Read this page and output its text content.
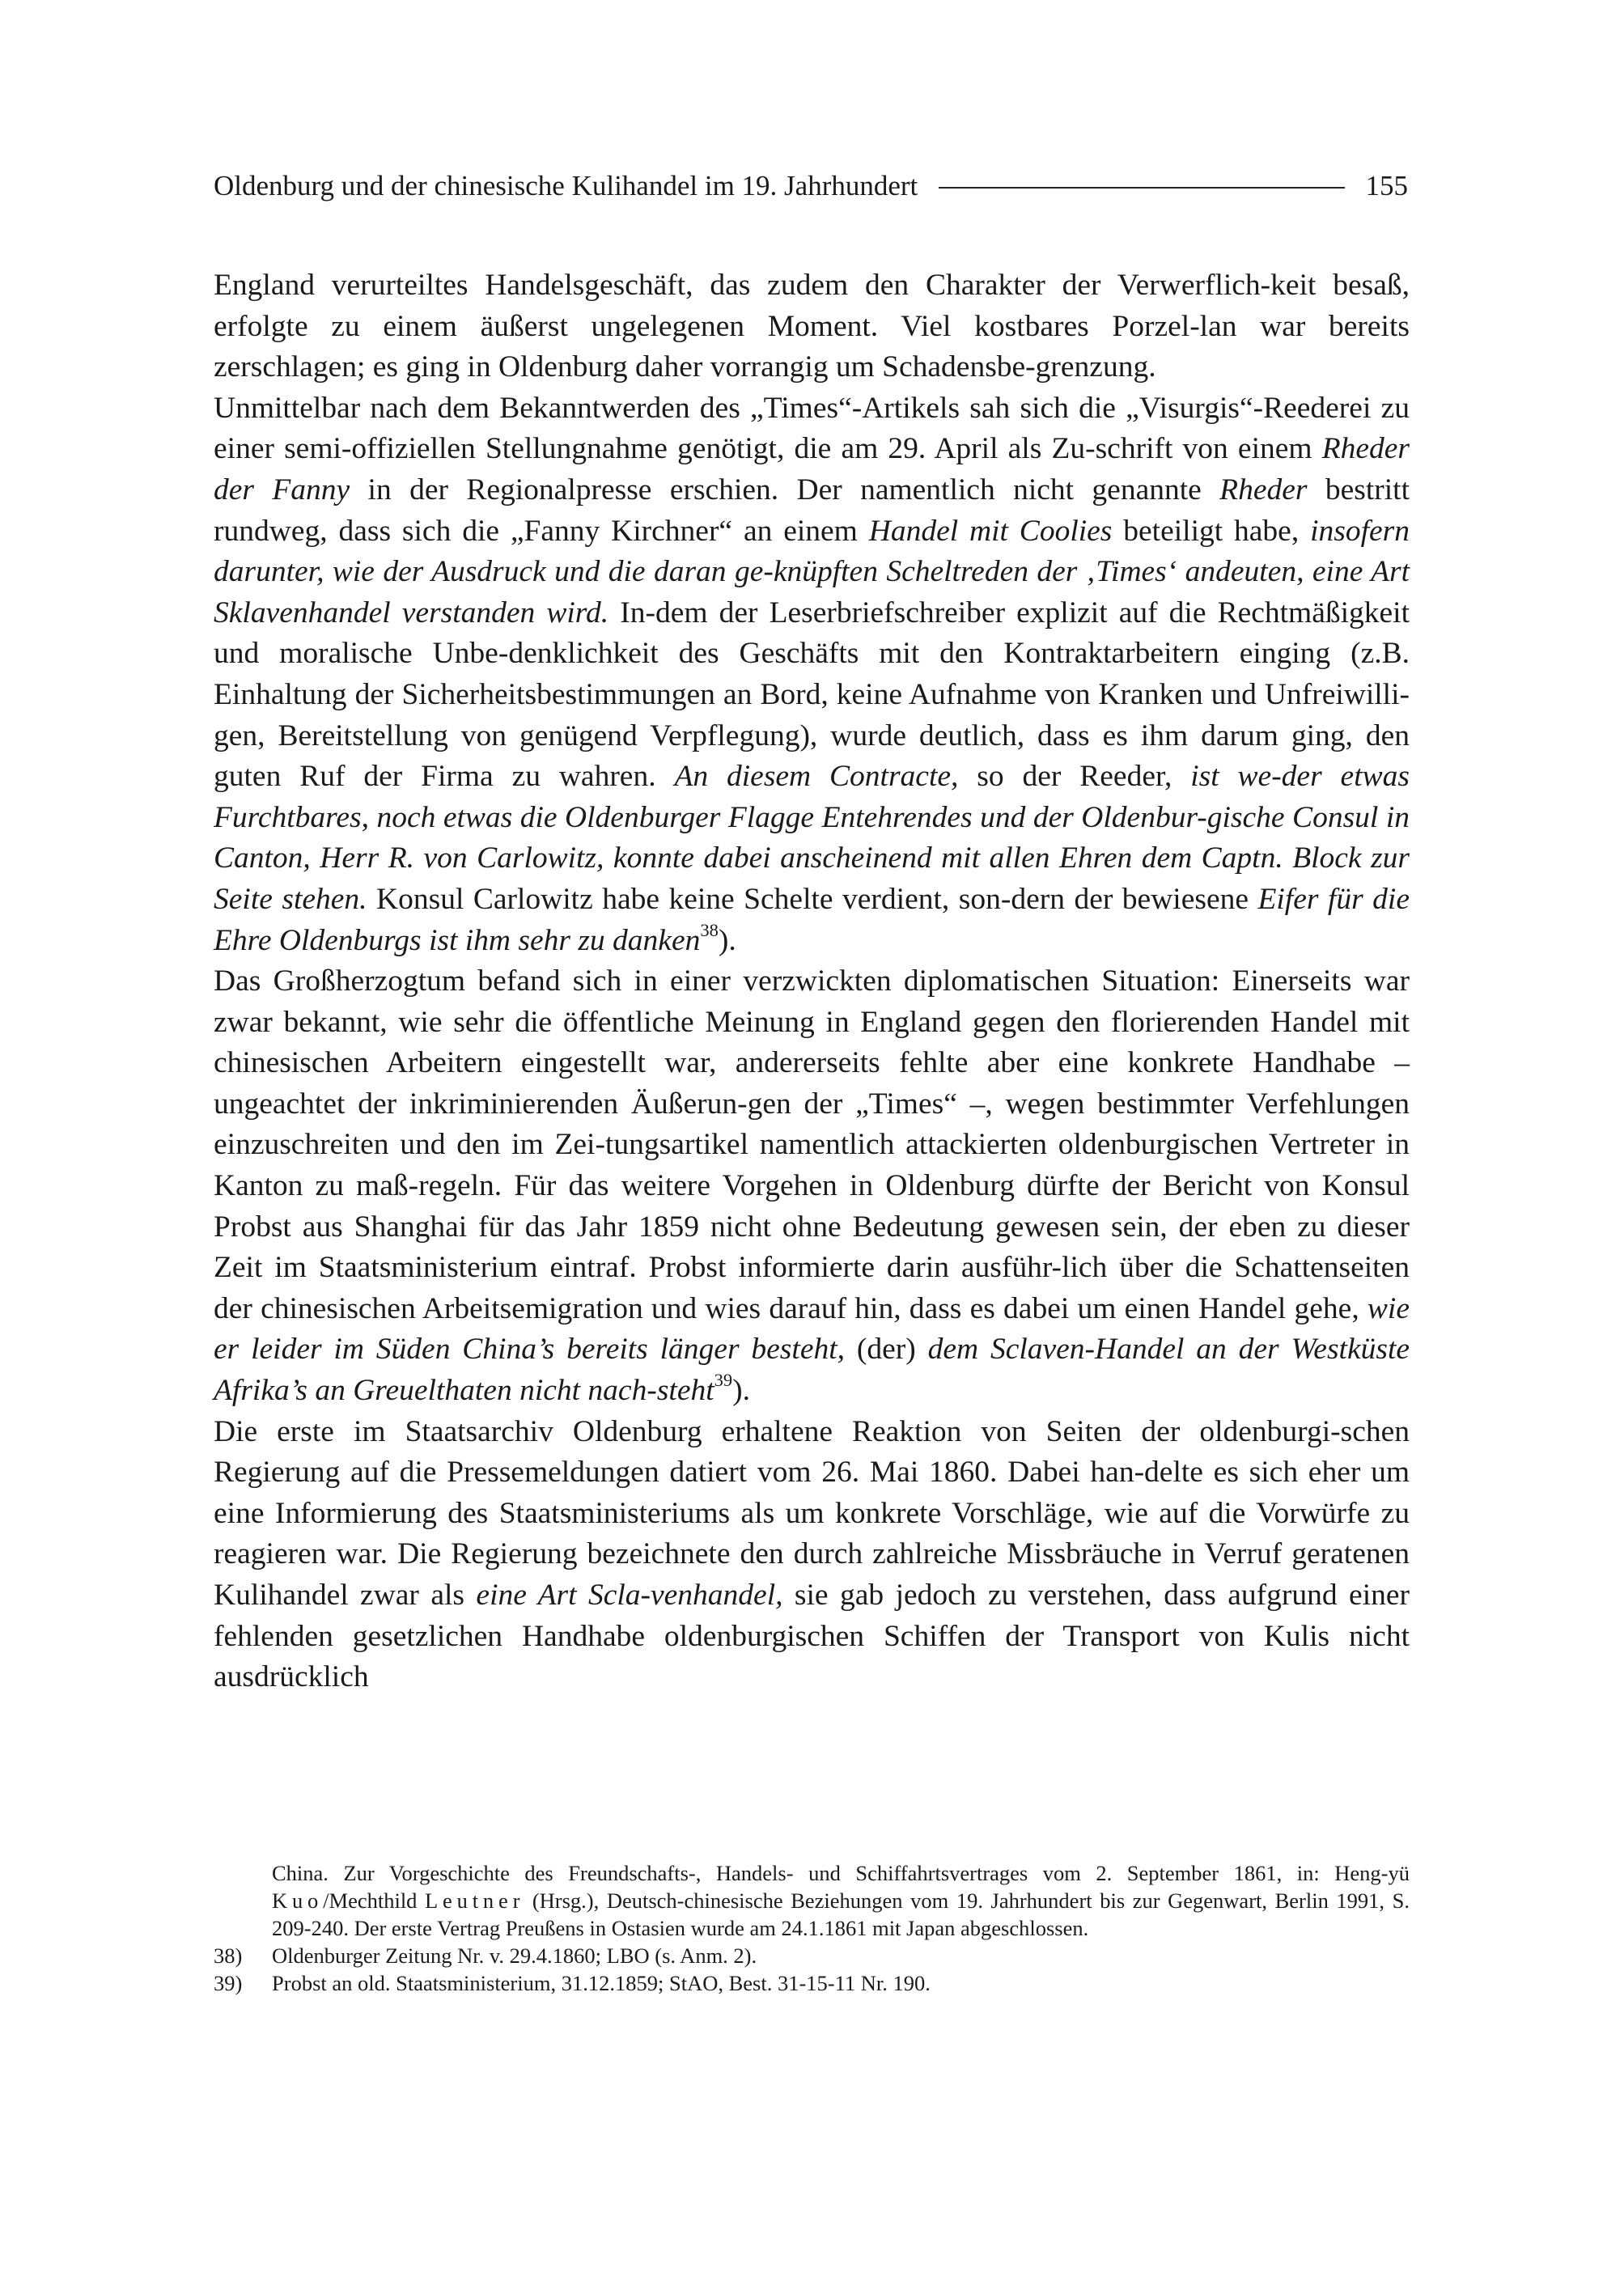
Oldenburg und der chinesische Kulihandel im 19. Jahrhundert	155

England verurteiltes Handelsgeschäft, das zudem den Charakter der Verwerflich-keit besaß, erfolgte zu einem äußerst ungelegenen Moment. Viel kostbares Porzel-lan war bereits zerschlagen; es ging in Oldenburg daher vorrangig um Schadensbe-grenzung.

Unmittelbar nach dem Bekanntwerden des „Times“-Artikels sah sich die „Visurgis“-Reederei zu einer semi-offiziellen Stellungnahme genötigt, die am 29. April als Zu-schrift von einem Rheder der Fanny in der Regionalpresse erschien. Der namentlich nicht genannte Rheder bestritt rundweg, dass sich die „Fanny Kirchner“ an einem Handel mit Coolies beteiligt habe, insofern darunter, wie der Ausdruck und die daran ge-knüpften Scheltreden der ‚Times‘ andeuten, eine Art Sklavenhandel verstanden wird. In-dem der Leserbriefschreiber explizit auf die Rechtmäßigkeit und moralische Unbe-denklichkeit des Geschäfts mit den Kontraktarbeitern einging (z.B. Einhaltung der Sicherheitsbestimmungen an Bord, keine Aufnahme von Kranken und Unfreiwilli-gen, Bereitstellung von genügend Verpflegung), wurde deutlich, dass es ihm darum ging, den guten Ruf der Firma zu wahren. An diesem Contracte, so der Reeder, ist we-der etwas Furchtbares, noch etwas die Oldenburger Flagge Entehrendes und der Oldenbur-gische Consul in Canton, Herr R. von Carlowitz, konnte dabei anscheinend mit allen Ehren dem Captn. Block zur Seite stehen. Konsul Carlowitz habe keine Schelte verdient, son-dern der bewiesene Eifer für die Ehre Oldenburgs ist ihm sehr zu danken$^{38}$).

Das Großherzogtum befand sich in einer verzwickten diplomatischen Situation: Einerseits war zwar bekannt, wie sehr die öffentliche Meinung in England gegen den florierenden Handel mit chinesischen Arbeitern eingestellt war, andererseits fehlte aber eine konkrete Handhabe – ungeachtet der inkriminierenden Äußerun-gen der „Times“ –, wegen bestimmter Verfehlungen einzuschreiten und den im Zei-tungsartikel namentlich attackierten oldenburgischen Vertreter in Kanton zu maß-regeln. Für das weitere Vorgehen in Oldenburg dürfte der Bericht von Konsul Probst aus Shanghai für das Jahr 1859 nicht ohne Bedeutung gewesen sein, der eben zu dieser Zeit im Staatsministerium eintraf. Probst informierte darin ausführ-lich über die Schattenseiten der chinesischen Arbeitsemigration und wies darauf hin, dass es dabei um einen Handel gehe, wie er leider im Süden China’s bereits länger besteht, (der) dem Sclaven-Handel an der Westküste Afrika’s an Greuelthaten nicht nach-steht$^{39}$).

Die erste im Staatsarchiv Oldenburg erhaltene Reaktion von Seiten der oldenburgi-schen Regierung auf die Pressemeldungen datiert vom 26. Mai 1860. Dabei han-delte es sich eher um eine Informierung des Staatsministeriums als um konkrete Vorschläge, wie auf die Vorwürfe zu reagieren war. Die Regierung bezeichnete den durch zahlreiche Missbräuche in Verruf geratenen Kulihandel zwar als eine Art Scla-venhandel, sie gab jedoch zu verstehen, dass aufgrund einer fehlenden gesetzlichen Handhabe oldenburgischen Schiffen der Transport von Kulis nicht ausdrücklich

China. Zur Vorgeschichte des Freundschafts-, Handels- und Schiffahrtsvertrages vom 2. September 1861, in: Heng-yü Kuo/Mechthild Leutner (Hrsg.), Deutsch-chinesische Beziehungen vom 19. Jahrhundert bis zur Gegenwart, Berlin 1991, S. 209-240. Der erste Vertrag Preußens in Ostasien wurde am 24.1.1861 mit Japan abgeschlossen.

38)	Oldenburger Zeitung Nr. v. 29.4.1860; LBO (s. Anm. 2).

39)	Probst an old. Staatsministerium, 31.12.1859; StAO, Best. 31-15-11 Nr. 190.
